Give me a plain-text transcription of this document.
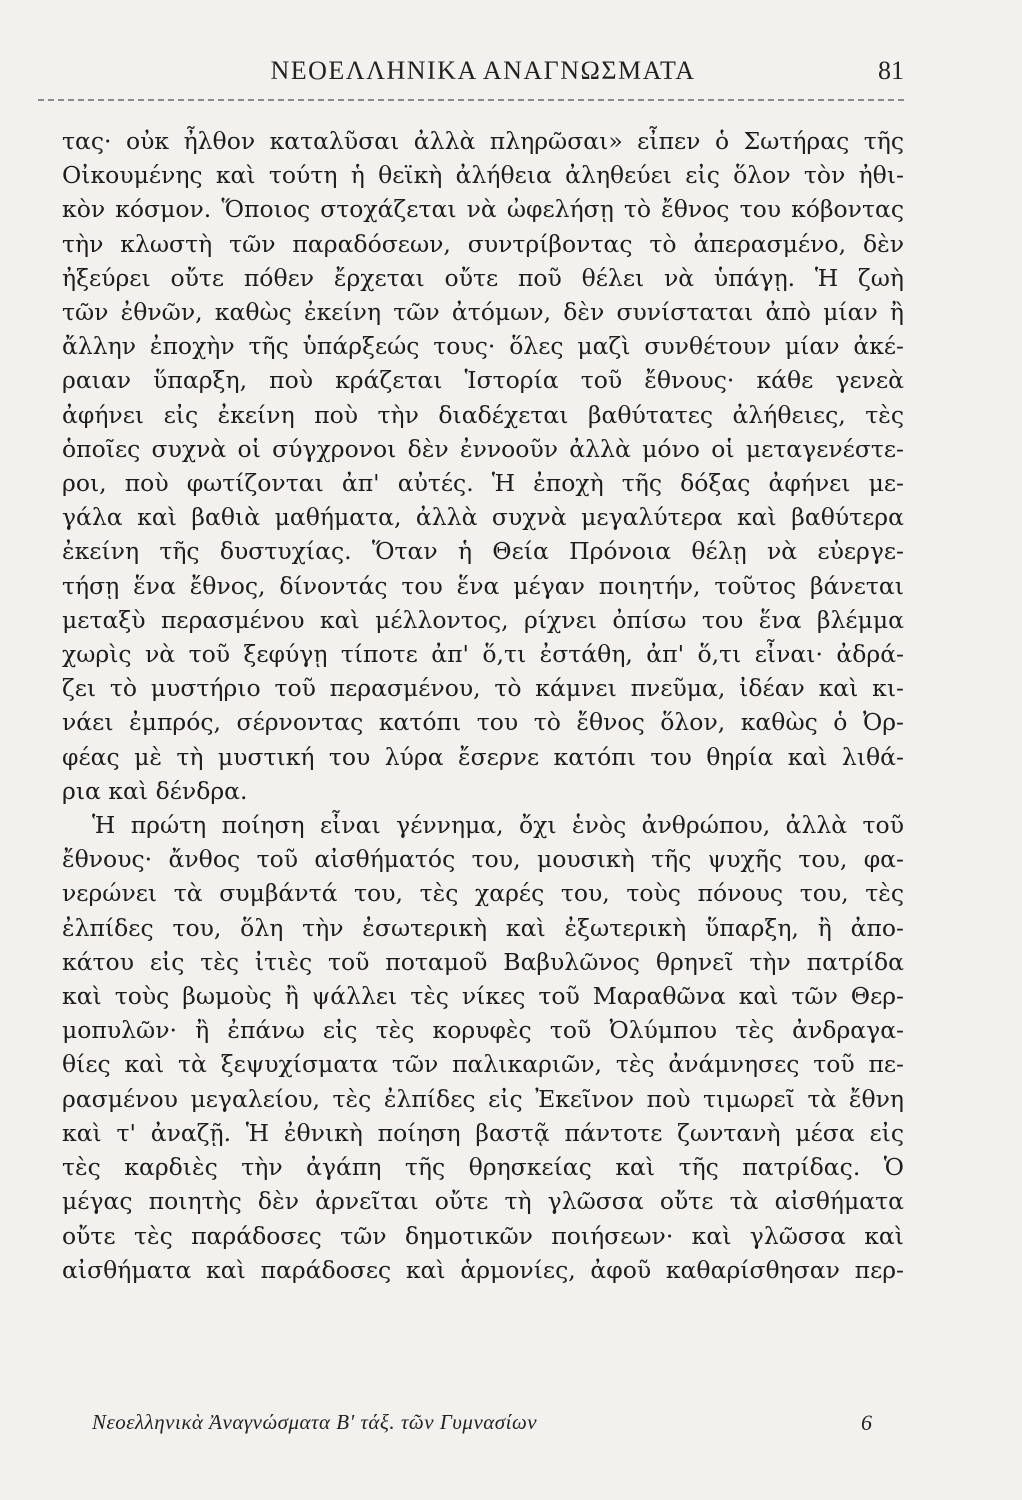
ΝΕΟΕΛΛΗΝΙΚΑ ΑΝΑΓΝΩΣΜΑΤΑ	81
τας· οὐκ ἦλθον καταλῦσαι ἀλλὰ πληρῶσαι» εἶπεν ὁ Σωτήρας τῆς
Οἰκουμένης καὶ τούτη ἡ θεϊκὴ ἀλήθεια ἀληθεύει εἰς ὅλον τὸν ἠθι-
κὸν κόσμον. Ὅποιος στοχάζεται νὰ ὠφελήσῃ τὸ ἔθνος του κόβοντας
τὴν κλωστὴ τῶν παραδόσεων, συντρίβοντας τὸ ἀπερασμένο, δὲν
ἠξεύρει οὔτε πόθεν ἔρχεται οὔτε ποῦ θέλει νὰ ὑπάγῃ. Ἡ ζωὴ
τῶν ἐθνῶν, καθὼς ἐκείνη τῶν ἀτόμων, δὲν συνίσταται ἀπὸ μίαν ἢ
ἄλλην ἐποχὴν τῆς ὑπάρξεώς τους· ὅλες μαζὶ συνθέτουν μίαν ἀκέ-
ραιαν ὕπαρξη, ποὺ κράζεται Ἱστορία τοῦ ἔθνους· κάθε γενεὰ
ἀφήνει εἰς ἐκείνη ποὺ τὴν διαδέχεται βαθύτατες ἀλήθειες, τὲς
ὁποῖες συχνὰ οἱ σύγχρονοι δὲν ἐννοοῦν ἀλλὰ μόνο οἱ μεταγενέστε-
ροι, ποὺ φωτίζονται ἀπ' αὐτές. Ἡ ἐποχὴ τῆς δόξας ἀφήνει με-
γάλα καὶ βαθιὰ μαθήματα, ἀλλὰ συχνὰ μεγαλύτερα καὶ βαθύτερα
ἐκείνη τῆς δυστυχίας. Ὅταν ἡ Θεία Πρόνοια θέλῃ νὰ εὐεργε-
τήσῃ ἕνα ἔθνος, δίνοντάς του ἕνα μέγαν ποιητήν, τοῦτος βάνεται
μεταξὺ περασμένου καὶ μέλλοντος, ρίχνει ὀπίσω του ἕνα βλέμμα
χωρὶς νὰ τοῦ ξεφύγῃ τίποτε ἀπ' ὅ,τι ἐστάθη, ἀπ' ὅ,τι εἶναι· ἀδρά-
ζει τὸ μυστήριο τοῦ περασμένου, τὸ κάμνει πνεῦμα, ἰδέαν καὶ κι-
νάει ἐμπρός, σέρνοντας κατόπι του τὸ ἔθνος ὅλον, καθὼς ὁ Ὀρ-
φέας μὲ τὴ μυστική του λύρα ἔσερνε κατόπι του θηρία καὶ λιθά-
ρια καὶ δένδρα.
Ἡ πρώτη ποίηση εἶναι γέννημα, ὄχι ἑνὸς ἀνθρώπου, ἀλλὰ τοῦ
ἔθνους· ἄνθος τοῦ αἰσθήματός του, μουσικὴ τῆς ψυχῆς του, φα-
νερώνει τὰ συμβάντά του, τὲς χαρές του, τοὺς πόνους του, τὲς
ἐλπίδες του, ὅλη τὴν ἐσωτερικὴ καὶ ἐξωτερικὴ ὕπαρξη, ἢ ἀπο-
κάτου εἰς τὲς ἰτιὲς τοῦ ποταμοῦ Βαβυλῶνος θρηνεῖ τὴν πατρίδα
καὶ τοὺς βωμοὺς ἢ ψάλλει τὲς νίκες τοῦ Μαραθῶνα καὶ τῶν Θερ-
μοπυλῶν· ἢ ἐπάνω εἰς τὲς κορυφὲς τοῦ Ὀλύμπου τὲς ἀνδραγα-
θίες καὶ τὰ ξεψυχίσματα τῶν παλικαριῶν, τὲς ἀνάμνησες τοῦ πε-
ρασμένου μεγαλείου, τὲς ἐλπίδες εἰς Ἐκεῖνον ποὺ τιμωρεῖ τὰ ἔθνη
καὶ τ' ἀναζῇ. Ἡ ἐθνικὴ ποίηση βαστᾷ πάντοτε ζωντανὴ μέσα εἰς
τὲς καρδιὲς τὴν ἀγάπη τῆς θρησκείας καὶ τῆς πατρίδας. Ὁ
μέγας ποιητὴς δὲν ἀρνεῖται οὔτε τὴ γλῶσσα οὔτε τὰ αἰσθήματα
οὔτε τὲς παράδοσες τῶν δημοτικῶν ποιήσεων· καὶ γλῶσσα καὶ
αἰσθήματα καὶ παράδοσες καὶ ἁρμονίες, ἀφοῦ καθαρίσθησαν περ-
Νεοελληνικὰ Ἀναγνώσματα Β' τάξ. τῶν Γυμνασίων	6
